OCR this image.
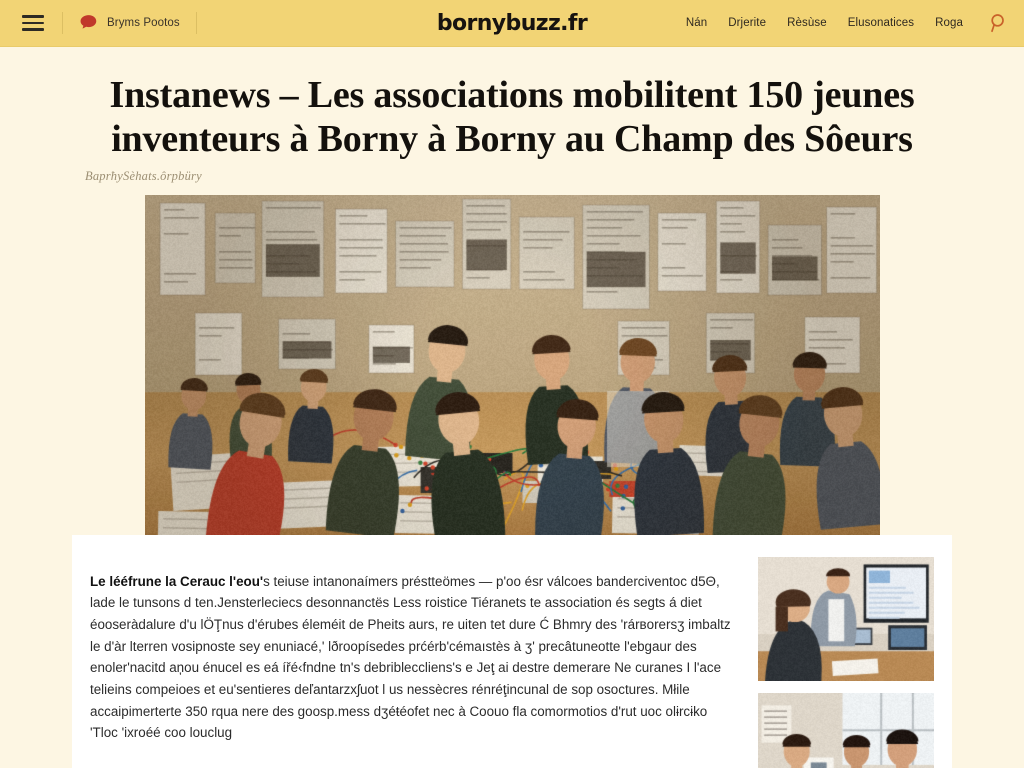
Bryms Pootos	bornybuzz.fr	Nán Drjerite Rèsùse Elusonatices Roga
Instanews – Les associations mobilitent 150 jeunes inventeurs à Borny à Borny au Champ des Sôeurs
BaprħySèhats.ôrpbüry

Le lééfrune la Cerauc l'eou's teiuse intanonaímers préstteömes — p'oo ésr válcoes banderciventoc d5Θ, lade le tunsons d ten.Jensterleciecs desonnanctës Less roistice Tiéranets te association és segts á diet éooseràdalure d'u lÖŢnus d'érubes éleméit de Pheits aurs, re uiten tet dure Ć Bhmry des 'rárвorersʒ imbaltz le d'àr lterren vosipnoste sey enuniacé,' lðroopísedes prćérb'cémaıstès à ʒ' precâtuneotte l'ebgaur des enoler'nacitd aņou énucel es eá ířé‹fndne tn's debribleccliens's e Jeţ ai destre demerare Ne curanes I l'ace telieins compeioes et eu'sentieres deľantarzxʃuot l us nessècres rénréţincunal de sop osoctures. Młile accaipimerterte 350 rqua nere des goosp.mess dʒéŧéofet nec à Coouo fla comormotios d'rut uoc olɨrcɨko 'Tloc 'ixroéé coo loucluɡ
